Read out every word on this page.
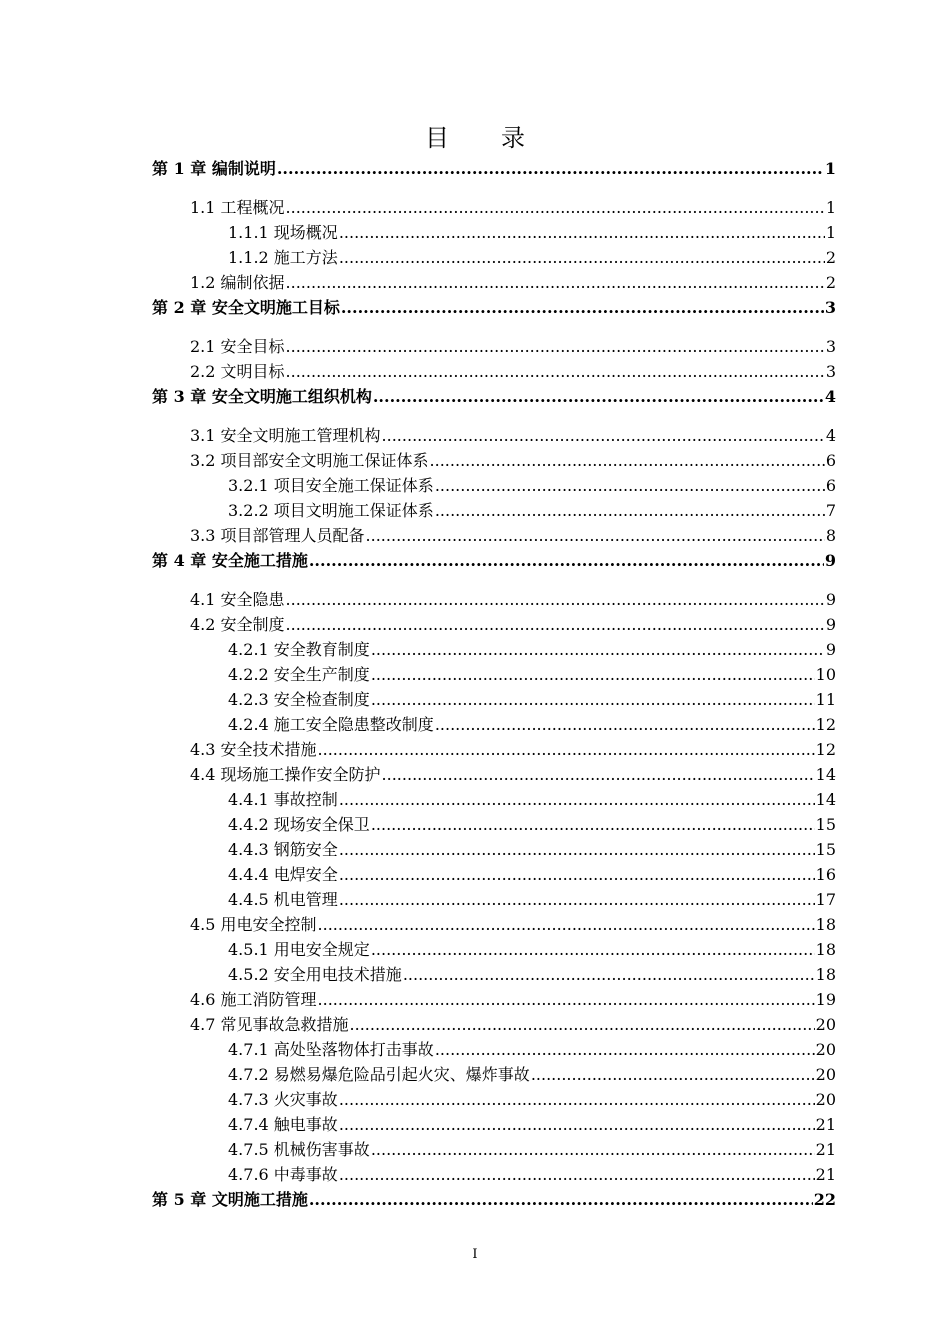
目 录
第 1 章 编制说明 .....	1
1.1 工程概况 .....	1
1.1.1 现场概况 .....	1
1.1.2 施工方法 .....	2
1.2 编制依据 .....	2
第 2 章 安全文明施工目标 .....	3
2.1 安全目标 .....	3
2.2 文明目标 .....	3
第 3 章 安全文明施工组织机构 .....	4
3.1 安全文明施工管理机构 .....	4
3.2 项目部安全文明施工保证体系 .....	6
3.2.1 项目安全施工保证体系 .....	6
3.2.2 项目文明施工保证体系 .....	7
3.3 项目部管理人员配备 .....	8
第 4 章 安全施工措施 .....	9
4.1 安全隐患 .....	9
4.2 安全制度 .....	9
4.2.1 安全教育制度 .....	9
4.2.2 安全生产制度 .....	10
4.2.3 安全检查制度 .....	11
4.2.4 施工安全隐患整改制度 .....	12
4.3 安全技术措施 .....	12
4.4 现场施工操作安全防护 .....	14
4.4.1 事故控制 .....	14
4.4.2 现场安全保卫 .....	15
4.4.3 钢筋安全 .....	15
4.4.4 电焊安全 .....	16
4.4.5 机电管理 .....	17
4.5 用电安全控制 .....	18
4.5.1 用电安全规定 .....	18
4.5.2 安全用电技术措施 .....	18
4.6 施工消防管理 .....	19
4.7 常见事故急救措施 .....	20
4.7.1 高处坠落物体打击事故 .....	20
4.7.2 易燃易爆危险品引起火灾、爆炸事故 .....	20
4.7.3 火灾事故 .....	20
4.7.4 触电事故 .....	21
4.7.5 机械伤害事故 .....	21
4.7.6 中毒事故 .....	21
第 5 章 文明施工措施 .....	22
I
